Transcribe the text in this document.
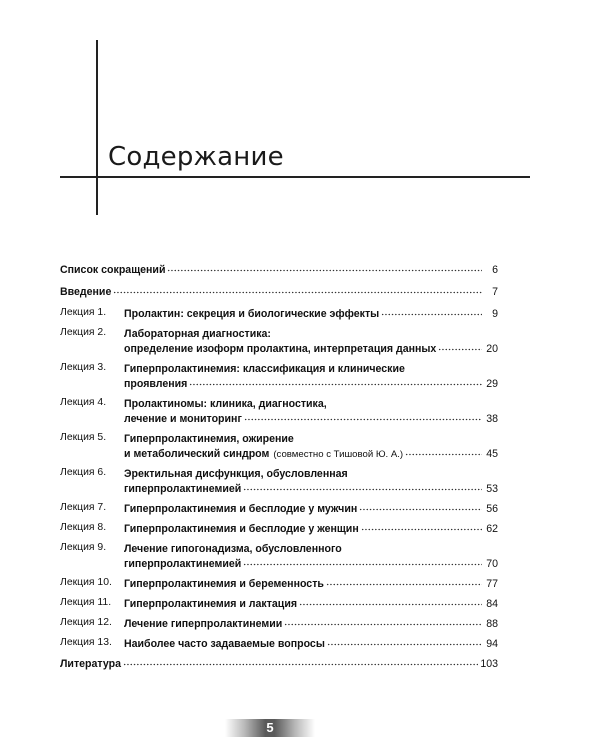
Содержание
Список сокращений	6
Введение	7
Лекция 1.	Пролактин: секреция и биологические эффекты	9
Лекция 2.	Лабораторная диагностика:
определение изоформ пролактина, интерпретация данных	20
Лекция 3.	Гиперпролактинемия: классификация и клинические
проявления	29
Лекция 4.	Пролактиномы: клиника, диагностика,
лечение и мониторинг	38
Лекция 5.	Гиперпролактинемия, ожирение
и метаболический синдром (совместно с Тишовой Ю. А.)	45
Лекция 6.	Эректильная дисфункция, обусловленная
гиперпролактинемией	53
Лекция 7.	Гиперпролактинемия и бесплодие у мужчин	56
Лекция 8.	Гиперпролактинемия и бесплодие у женщин	62
Лекция 9.	Лечение гипогонадизма, обусловленного
гиперпролактинемией	70
Лекция 10.	Гиперпролактинемия и беременность	77
Лекция 11.	Гиперпролактинемия и лактация	84
Лекция 12.	Лечение гиперпролактинемии	88
Лекция 13.	Наиболее часто задаваемые вопросы	94
Литература	103
5
